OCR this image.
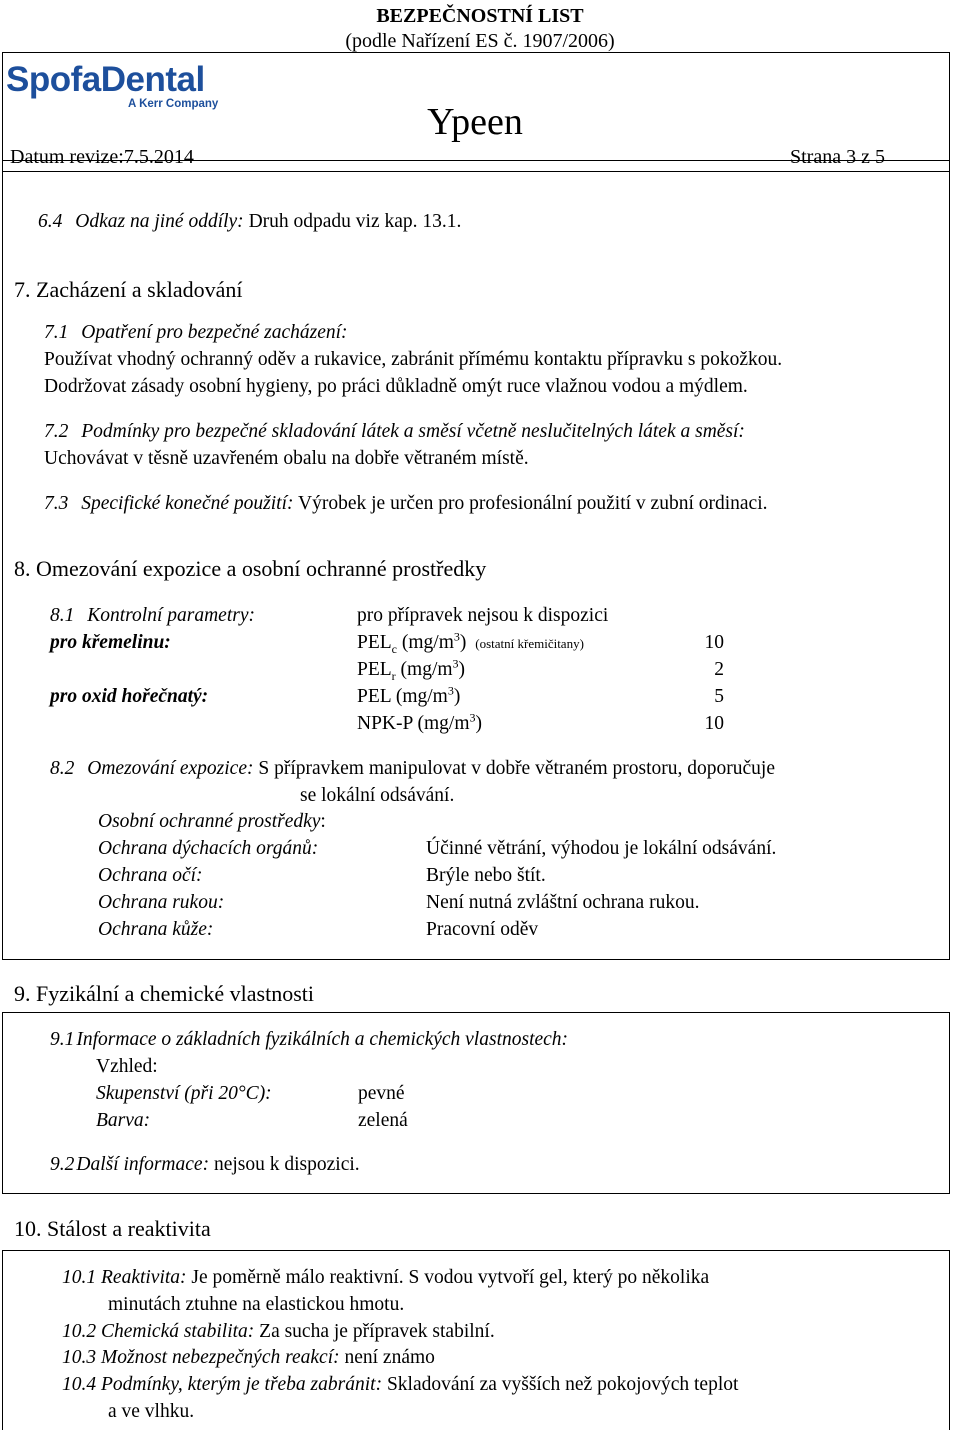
BEZPEČNOSTNÍ LIST
(podle Nařízení ES č. 1907/2006)
SpofaDental
A Kerr Company	Ypeen
Datum revize:7.5.2014	Strana 3 z 5
6.4 Odkaz na jiné oddíly: Druh odpadu viz kap. 13.1.
7. Zacházení a skladování
7.1 Opatření pro bezpečné zacházení:
Používat vhodný ochranný oděv a rukavice, zabránit přímému kontaktu přípravku s pokožkou.
Dodržovat zásady osobní hygieny, po práci důkladně omýt ruce vlažnou vodou a mýdlem.
7.2 Podmínky pro bezpečné skladování látek a směsí včetně neslučitelných látek a směsí:
Uchovávat v těsně uzavřeném obalu na dobře větraném místě.
7.3 Specifické konečné použití: Výrobek je určen pro profesionální použití v zubní ordinaci.
8. Omezování expozice a osobní ochranné prostředky
8.1 Kontrolní parametry:	pro přípravek nejsou k dispozici
pro křemelinu:	$PEL_c$ $(mg/m^3)$ (ostatní křemičitany)	10
$PEL_r$ $(mg/m^3)$	2
pro oxid hořečnatý:	PEL $(mg/m^3)$	5
NPK-P $(mg/m^3)$	10
8.2 Omezování expozice: S přípravkem manipulovat v dobře větraném prostoru, doporučuje
se lokální odsávání.
Osobní ochranné prostředky:
Ochrana dýchacích orgánů:	Účinné větrání, výhodou je lokální odsávání.
Ochrana očí:	Brýle nebo štít.
Ochrana rukou:	Není nutná zvláštní ochrana rukou.
Ochrana kůže:	Pracovní oděv
9. Fyzikální a chemické vlastnosti
9.1 Informace o základních fyzikálních a chemických vlastnostech:
Vzhled:
Skupenství (při 20°C):	pevné
Barva:	zelená
9.2 Další informace: nejsou k dispozici.
10. Stálost a reaktivita
10.1 Reaktivita: Je poměrně málo reaktivní. S vodou vytvoří gel, který po několika
minutách ztuhne na elastickou hmotu.
10.2 Chemická stabilita: Za sucha je přípravek stabilní.
10.3 Možnost nebezpečných reakcí: není známo
10.4 Podmínky, kterým je třeba zabránit: Skladování za vyšších než pokojových teplot
a ve vlhku.
